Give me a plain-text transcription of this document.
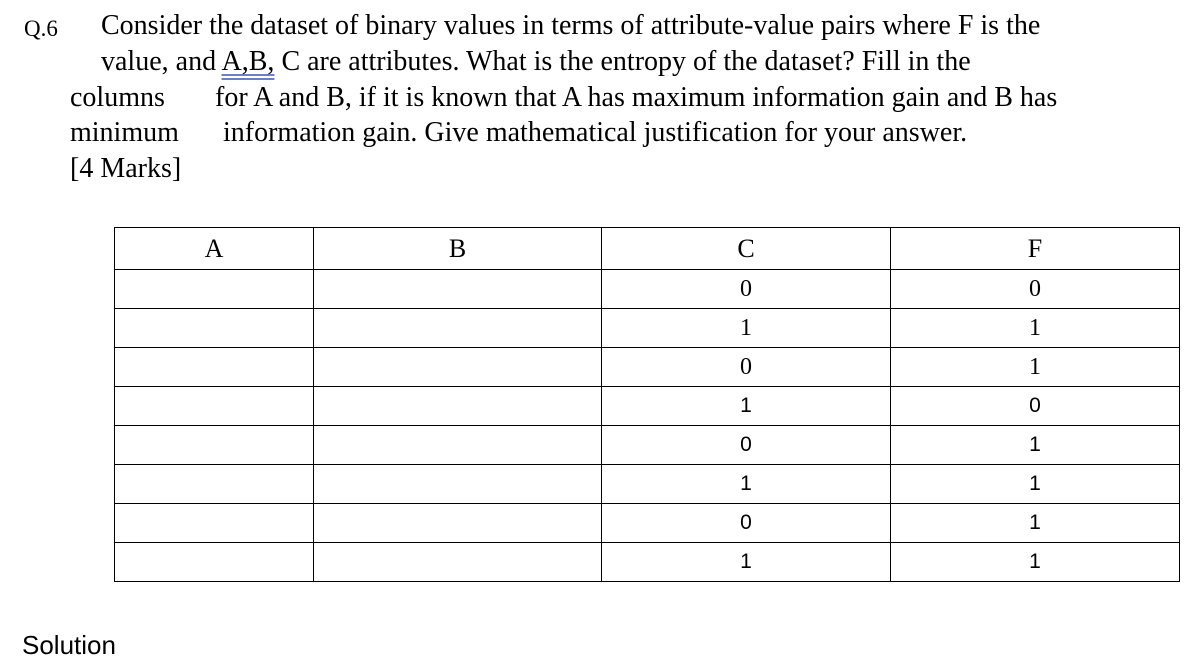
Q.6 Consider the dataset of binary values in terms of attribute-value pairs where F is the
value, and A,B, C are attributes. What is the entropy of the dataset? Fill in the
columns for A and B, if it is known that A has maximum information gain and B has
minimum information gain. Give mathematical justification for your answer.
[4 Marks]
A	B	C	F
		0	0
		1	1
		0	1
		1	0
		0	1
		1	1
		0	1
		1	1
Solution
